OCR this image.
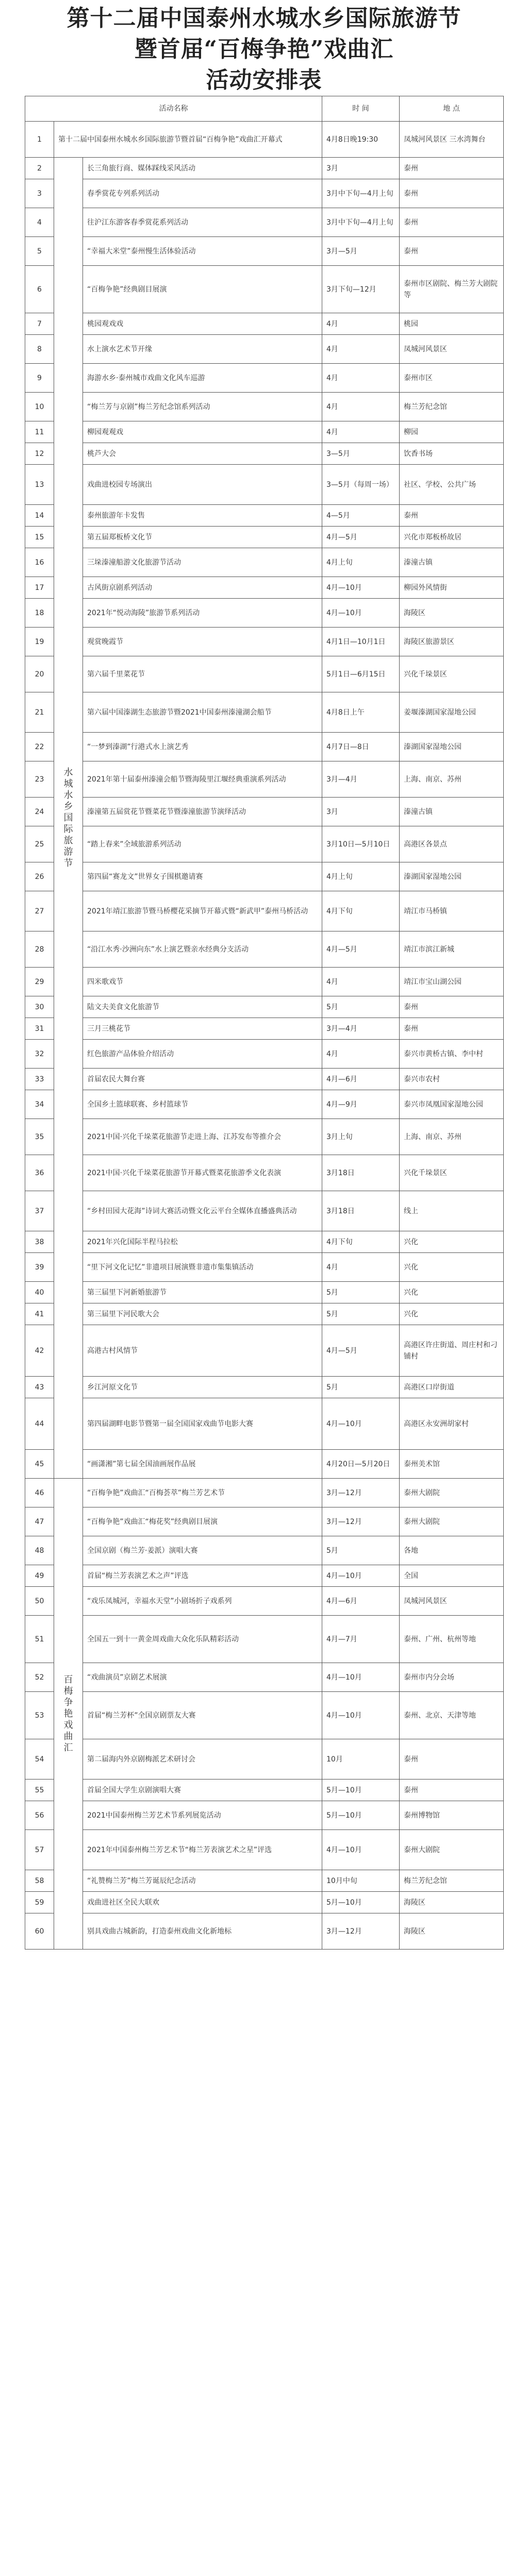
第十二届中国泰州水城水乡国际旅游节
暨首届“百梅争艳”戏曲汇
活动安排表
活动名称			时 间	地 点
1	第十二届中国泰州水城水乡国际旅游节暨首届“百梅争艳”戏曲汇开幕式		4月8日晚19:30	凤城河风景区 三水湾舞台
2	水城水乡国际旅游节	长三角旅行商、媒体踩线采风活动	3月	泰州
3		春季赏花专列系列活动	3月中下旬—4月上旬	泰州
4		往沪江东游客春季赏花系列活动	3月中下旬—4月上旬	泰州
5		“幸福大米堂”泰州慢生活体验活动	3月—5月	泰州
6		“百梅争艳”经典剧目展演	3月下旬—12月	泰州市区剧院、梅兰芳大剧院等
7		桃园观戏戏	4月	桃园
8		水上演水艺术节开缘	4月	凤城河风景区
9		海游水乡·泰州城市戏曲文化风车巡游	4月	泰州市区
10		“梅兰芳与京剧”梅兰芳纪念馆系列活动	4月	梅兰芳纪念馆
11		柳园观观戏	4月	柳园
12		桃芦大会	3—5月	饮香书场
13		戏曲进校园专场演出	3—5月（每周一场）	社区、学校、公共广场
14		泰州旅游年卡发售	4—5月	泰州
15		第五届郑板桥文化节	4月—5月	兴化市郑板桥故居
16		三垛溱潼船游文化旅游节活动	4月上旬	溱潼古镇
17		古风街京剧系列活动	4月—10月	柳园外风情街
18		2021年“悦动海陵”旅游节系列活动	4月—10月	海陵区
19		观赏晚霞节	4月1日—10月1日	海陵区旅游景区
20		第六届千里菜花节	5月1日—6月15日	兴化千垛景区
21		第六届中国溱湖生态旅游节暨2021中国泰州溱潼湖会船节	4月8日上午	姜堰溱湖国家湿地公园
22		“一梦到溱湖”行港式水上演艺秀	4月7日—8日	溱湖国家湿地公园
23		2021年第十届泰州溱潼会船节暨海陵里江堰经典重演系列活动	3月—4月	上海、南京、苏州
24		溱潼第五届赏花节暨菜花节暨溱潼旅游节演绎活动	3月	溱潼古镇
25		“踏上春来”全域旅游系列活动	3月10日—5月10日	高港区各景点
26		第四届“赛龙文”世界女子围棋邀请赛	4月上旬	溱湖国家湿地公园
27		2021年靖江旅游节暨马桥樱花采摘节开幕式暨“新武甲”泰州马桥活动	4月下旬	靖江市马桥镇
28		“沿江水秀·沙洲向东”水上演艺暨亲水经典分支活动	4月—5月	靖江市滨江新城
29		四米歌戏节	4月	靖江市宝山湖公园
30		陆文夫美食文化旅游节	5月	泰州
31		三月三桃花节	3月—4月	泰州
32		红色旅游产品体验介绍活动	4月	泰兴市黄桥古镇、李中村
33		首届农民大舞台赛	4月—6月	泰兴市农村
34		全国乡土篮球联赛、乡村篮球节	4月—9月	泰兴市凤凰国家湿地公园
35		2021中国·兴化千垛菜花旅游节走进上海、江苏发布等推介会	3月上旬	上海、南京、苏州
36		2021中国·兴化千垛菜花旅游节开幕式暨菜花旅游季文化表演	3月18日	兴化千垛景区
37		“乡村田园大花海”诗词大赛活动暨文化云平台全媒体直播盛典活动	3月18日	线上
38		2021年兴化国际半程马拉松	4月下旬	兴化
39		“里下河文化记忆”非遗项目展演暨非遗市集集镇活动	4月	兴化
40		第三届里下河新婚旅游节	5月	兴化
41		第三届里下河民歌大会	5月	兴化
42		高港古村风情节	4月—5月	高港区许庄街道、周庄村和刁铺村
43		乡江河原文化节	5月	高港区口岸街道
44		第四届湖畔电影节暨第一届全国国家戏曲节电影大赛	4月—10月	高港区永安洲胡家村
45		“画潇湘”第七届全国油画展作品展	4月20日—5月20日	泰州美术馆
46	百梅争艳戏曲汇	“百梅争艳”戏曲汇“百梅荟萃”梅兰芳艺术节	3月—12月	泰州大剧院
47		“百梅争艳”戏曲汇“梅花奖”经典剧目展演	3月—12月	泰州大剧院
48		全国京剧（梅兰芳·姜派）演唱大赛	5月	各地
49		首届“梅兰芳表演艺术之声”评选	4月—10月	全国
50		“戏乐凤城河，幸福水天堂”小剧场折子戏系列	4月—6月	凤城河风景区
51		全国五一到十一黄金周戏曲大众化乐队精彩活动	4月—7月	泰州、广州、杭州等地
52		“戏曲演员”京剧艺术展演	4月—10月	泰州市内分会场
53		首届“梅兰芳杯”全国京剧票友大赛	4月—10月	泰州、北京、天津等地
54		第二届海内外京剧梅派艺术研讨会	10月	泰州
55		首届全国大学生京剧演唱大赛	5月—10月	泰州
56		2021中国泰州梅兰芳艺术节系列展览活动	5月—10月	泰州博物馆
57		2021年中国泰州梅兰芳艺术节“梅兰芳表演艺术之星”评选	4月—10月	泰州大剧院
58		“礼赞梅兰芳”梅兰芳诞辰纪念活动	10月中旬	梅兰芳纪念馆
59		戏曲进社区全民大联欢	5月—10月	海陵区
60		别具戏曲古城新韵，打造泰州戏曲文化新地标	3月—12月	海陵区
